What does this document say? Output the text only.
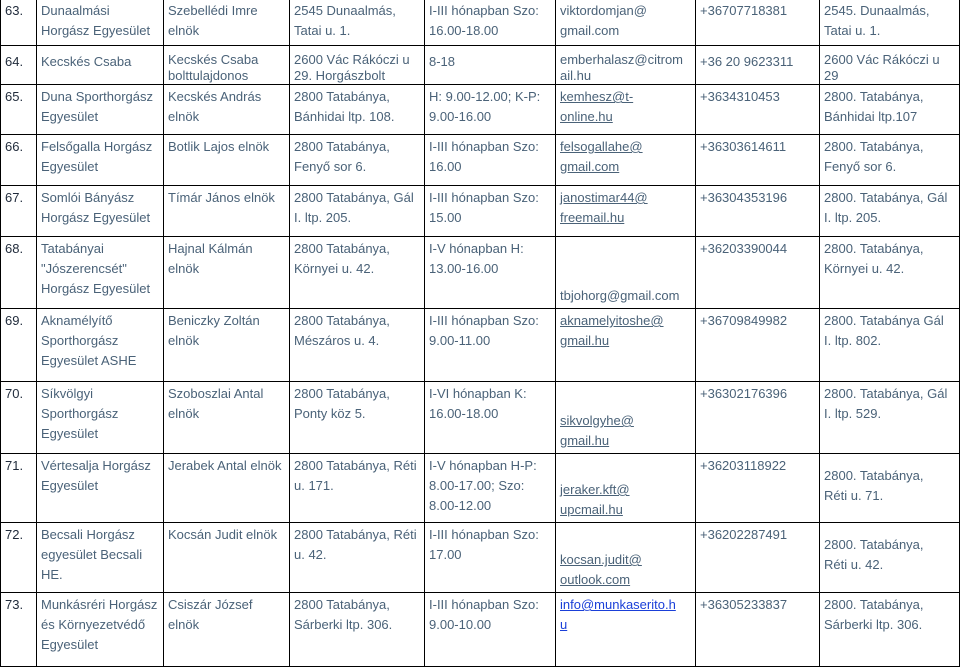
63.	Dunaalmási
Horgász Egyesület	Szebellédi Imre elnök	2545 Dunaalmás,
Tatai u. 1.	I-III hónapban Szo:
16.00-18.00	viktordomjan@
gmail.com	+36707718381	2545. Dunaalmás,
Tatai u. 1.
64.	Kecskés Csaba	Kecskés Csaba
bolttulajdonos	2600 Vác Rákóczi u
29. Horgászbolt	8-18	emberhalasz@citrom
ail.hu	+36 20 9623311	2600 Vác Rákóczi u
29
65.	Duna Sporthorgász
Egyesület	Kecskés András elnök	2800 Tatabánya,
Bánhidai ltp. 108.	H: 9.00-12.00; K-P:
9.00-16.00	kemhesz@t-
online.hu	+3634310453	2800. Tatabánya,
Bánhidai ltp.107
66.	Felsőgalla Horgász
Egyesület	Botlik Lajos elnök	2800 Tatabánya,
Fenyő sor 6.	I-III hónapban Szo:
16.00	felsogallahe@
gmail.com	+36303614611	2800. Tatabánya,
Fenyő sor 6.
67.	Somlói Bányász
Horgász Egyesület	Tímár János elnök	2800 Tatabánya, Gál
I. ltp. 205.	I-III hónapban Szo:
15.00	janostimar44@
freemail.hu	+36304353196	2800. Tatabánya, Gál
I. ltp. 205.
68.	Tatabányai
"Jószerencsét"
Horgász Egyesület	Hajnal Kálmán elnök	2800 Tatabánya,
Környei u. 42.	I-V hónapban H:
13.00-16.00	tbjohorg@gmail.com	+36203390044	2800. Tatabánya,
Környei u. 42.
69.	Aknamélyítő
Sporthorgász
Egyesület ASHE	Beniczky Zoltán
elnök	2800 Tatabánya,
Mészáros u. 4.	I-III hónapban Szo:
9.00-11.00	aknamelyitoshe@
gmail.hu	+36709849982	2800. Tatabánya Gál
I. ltp. 802.
70.	Síkvölgyi
Sporthorgász
Egyesület	Szoboszlai Antal
elnök	2800 Tatabánya,
Ponty köz 5.	I-VI hónapban K:
16.00-18.00	sikvolgyhe@
gmail.hu	+36302176396	2800. Tatabánya, Gál
I. ltp. 529.
71.	Vértesalja Horgász
Egyesület	Jerabek Antal elnök	2800 Tatabánya, Réti
u. 171.	I-V hónapban H-P:
8.00-17.00; Szo:
8.00-12.00	jeraker.kft@
upcmail.hu	+36203118922	2800. Tatabánya,
Réti u. 71.
72.	Becsali Horgász
egyesület Becsali
HE.	Kocsán Judit elnök	2800 Tatabánya, Réti
u. 42.	I-III hónapban Szo:
17.00	kocsan.judit@
outlook.com	+36202287491	2800. Tatabánya,
Réti u. 42.
73.	Munkásréri Horgász
és Környezetvédő
Egyesület	Csiszár József elnök	2800 Tatabánya,
Sárberki ltp. 306.	I-III hónapban Szo:
9.00-10.00	info@munkaserito.h
u	+36305233837	2800. Tatabánya,
Sárberki ltp. 306.
